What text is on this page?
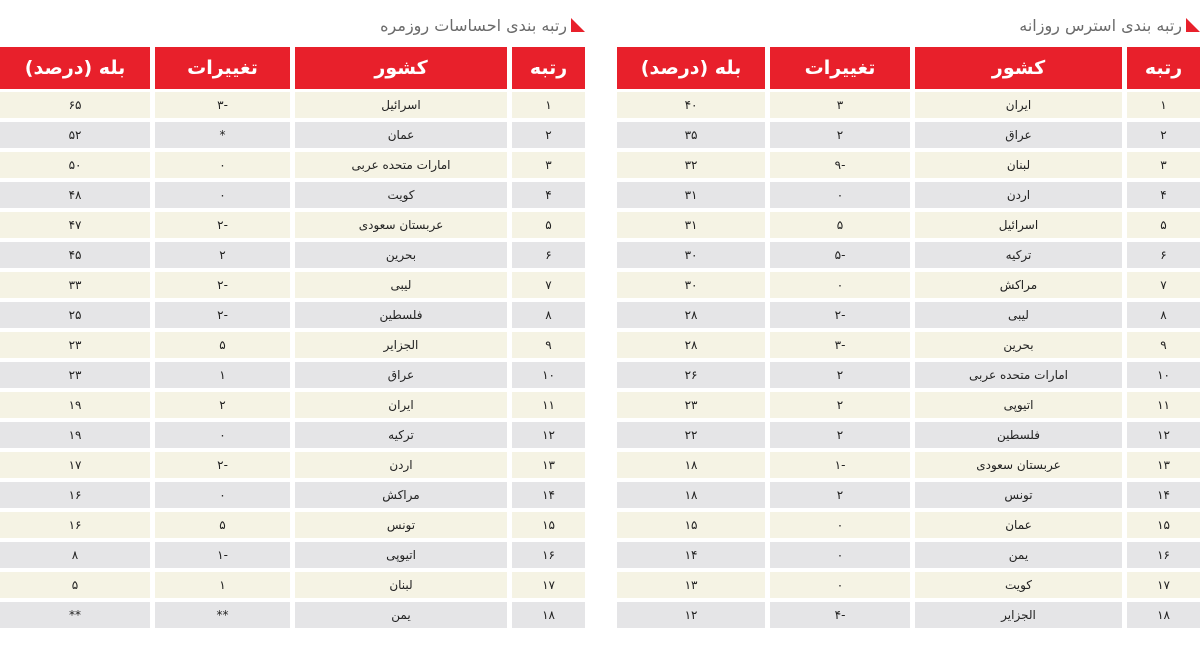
رتبه بندی استرس روزانه
رتبه
کشور
تغییرات
بله (درصد)
۱
ایران
۳
۴۰
۲
عراق
۲
۳۵
۳
لبنان
-۹
۳۲
۴
اردن
۰
۳۱
۵
اسرائیل
۵
۳۱
۶
ترکیه
-۵
۳۰
۷
مراکش
۰
۳۰
۸
لیبی
-۲
۲۸
۹
بحرین
-۳
۲۸
۱۰
امارات متحده عربی
۲
۲۶
۱۱
اتیوپی
۲
۲۳
۱۲
فلسطین
۲
۲۲
۱۳
عربستان سعودی
-۱
۱۸
۱۴
تونس
۲
۱۸
۱۵
عمان
۰
۱۵
۱۶
یمن
۰
۱۴
۱۷
کویت
۰
۱۳
۱۸
الجزایر
-۴
۱۲
رتبه بندی احساسات روزمره
رتبه
کشور
تغییرات
بله (درصد)
۱
اسرائیل
-۳
۶۵
۲
عمان
*
۵۲
۳
امارات متحده عربی
۰
۵۰
۴
کویت
۰
۴۸
۵
عربستان سعودی
-۲
۴۷
۶
بحرین
۲
۴۵
۷
لیبی
-۲
۳۳
۸
فلسطین
-۲
۲۵
۹
الجزایر
۵
۲۳
۱۰
عراق
۱
۲۳
۱۱
ایران
۲
۱۹
۱۲
ترکیه
۰
۱۹
۱۳
اردن
-۲
۱۷
۱۴
مراکش
۰
۱۶
۱۵
تونس
۵
۱۶
۱۶
اتیوپی
-۱
۸
۱۷
لبنان
۱
۵
۱۸
یمن
**
**
